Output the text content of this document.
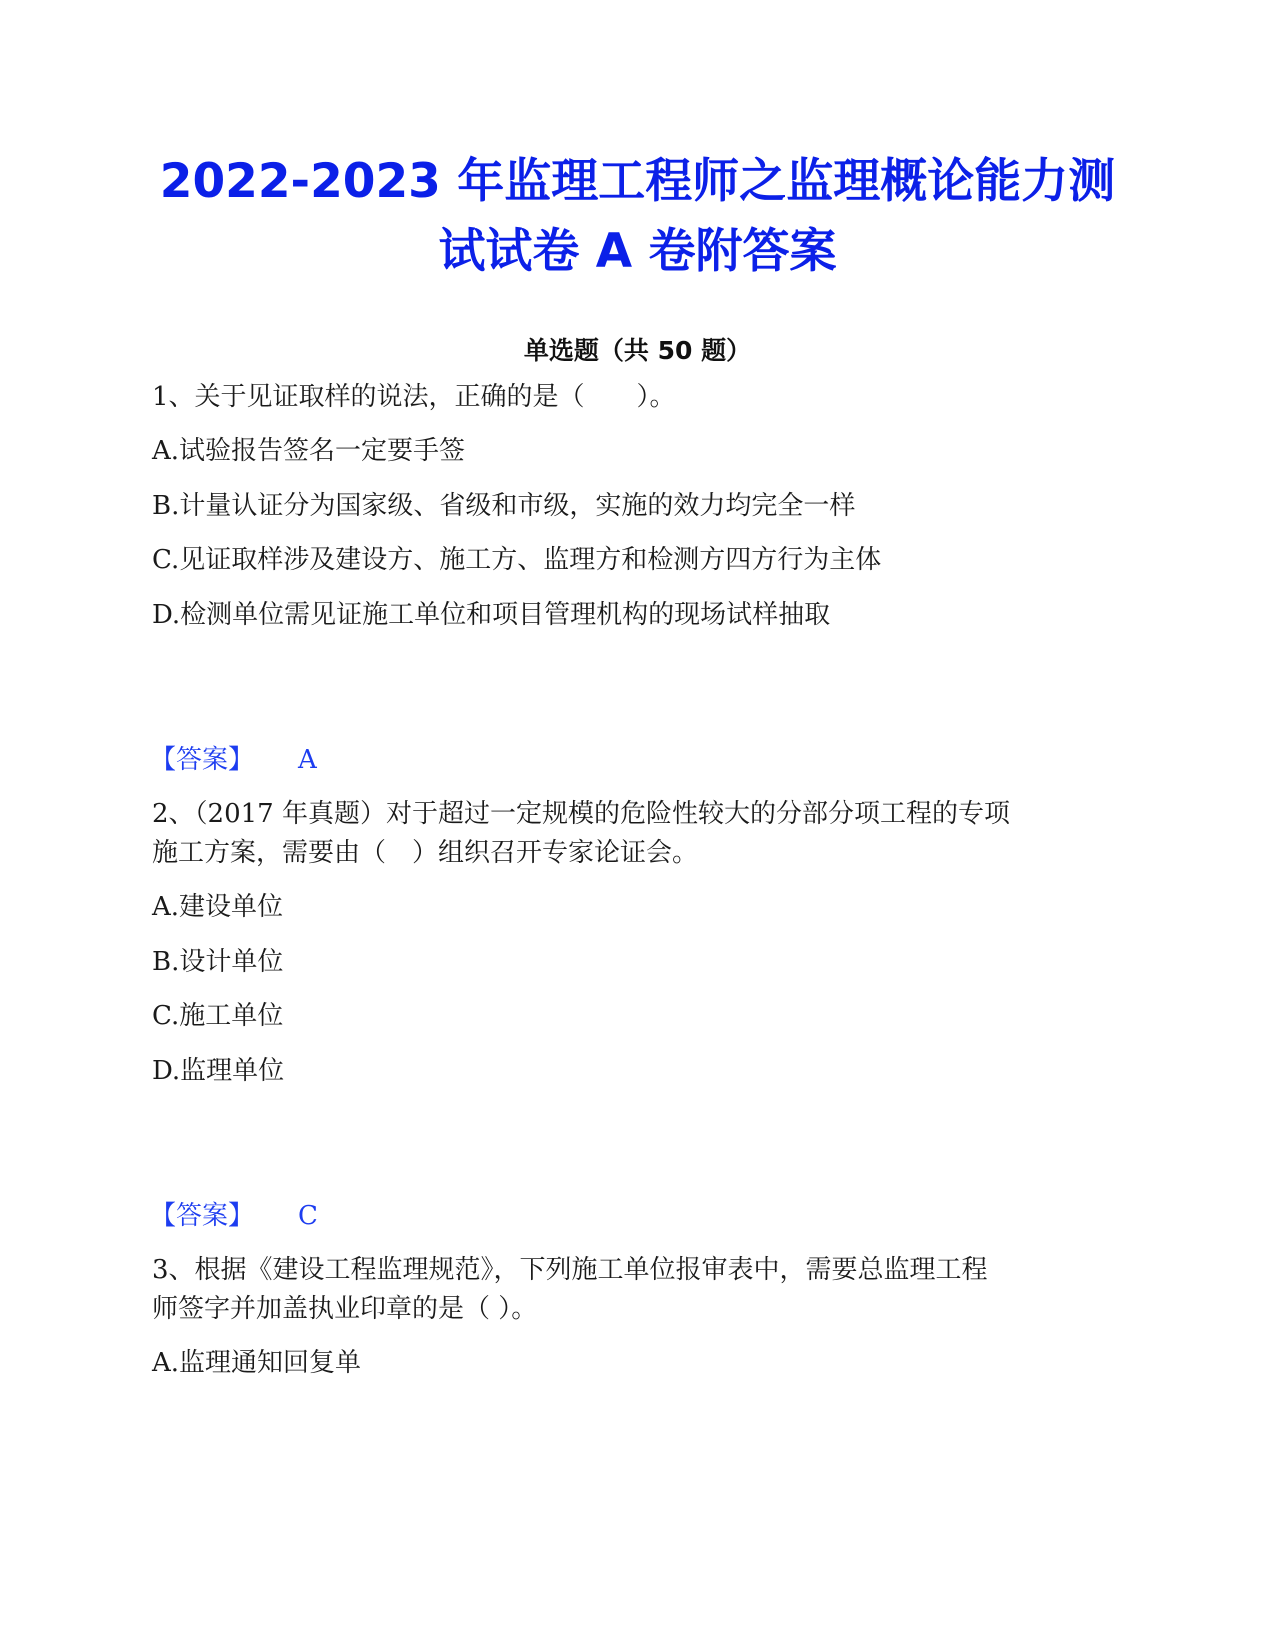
2022-2023 年监理工程师之监理概论能力测
试试卷 A 卷附答案
单选题（共 50 题）
1、关于见证取样的说法，正确的是（　　）。
A.试验报告签名一定要手签
B.计量认证分为国家级、省级和市级，实施的效力均完全一样
C.见证取样涉及建设方、施工方、监理方和检测方四方行为主体
D.检测单位需见证施工单位和项目管理机构的现场试样抽取
【答案】 A
2、（2017 年真题）对于超过一定规模的危险性较大的分部分项工程的专项
施工方案，需要由（　）组织召开专家论证会。
A.建设单位
B.设计单位
C.施工单位
D.监理单位
【答案】 C
3、根据《建设工程监理规范》，下列施工单位报审表中，需要总监理工程
师签字并加盖执业印章的是（ ）。
A.监理通知回复单
